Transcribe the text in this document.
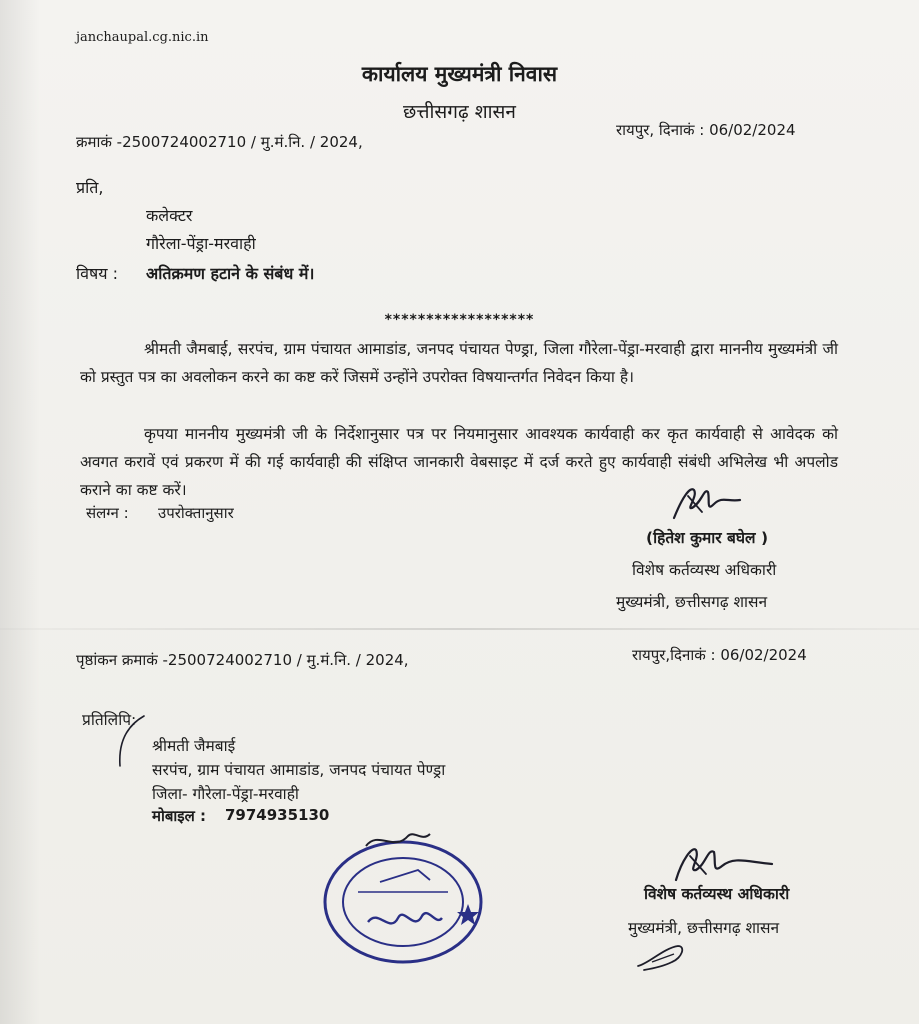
janchaupal.cg.nic.in
कार्यालय मुख्यमंत्री निवास
छत्तीसगढ़ शासन
क्रमाकं -2500724002710 / मु.मं.नि. / 2024,
रायपुर, दिनाकं : 06/02/2024
प्रति,
कलेक्टर
गौरेला-पेंड्रा-मरवाही
विषय : अतिक्रमण हटाने के संबंध में।
******************
श्रीमती जैमबाई, सरपंच, ग्राम पंचायत आमाडांड, जनपद पंचायत पेण्ड्रा, जिला गौरेला-पेंड्रा-मरवाही द्वारा माननीय मुख्यमंत्री जी को प्रस्तुत पत्र का अवलोकन करने का कष्ट करें जिसमें उन्होंने उपरोक्त विषयान्तर्गत निवेदन किया है।
कृपया माननीय मुख्यमंत्री जी के निर्देशानुसार पत्र पर नियमानुसार आवश्यक कार्यवाही कर कृत कार्यवाही से आवेदक को अवगत करावें एवं प्रकरण में की गई कार्यवाही की संक्षिप्त जानकारी वेबसाइट में दर्ज करते हुए कार्यवाही संबंधी अभिलेख भी अपलोड कराने का कष्ट करें।
संलग्न : उपरोक्तानुसार
(हितेश कुमार बघेल )
विशेष कर्तव्यस्थ अधिकारी
मुख्यमंत्री, छत्तीसगढ़ शासन
पृष्ठांकन क्रमाकं -2500724002710 / मु.मं.नि. / 2024,	रायपुर,दिनाकं : 06/02/2024
प्रतिलिपि:
श्रीमती जैमबाई
सरपंच, ग्राम पंचायत आमाडांड, जनपद पंचायत पेण्ड्रा
जिला- गौरेला-पेंड्रा-मरवाही
मोबाइल : 7974935130
विशेष कर्तव्यस्थ अधिकारी
मुख्यमंत्री, छत्तीसगढ़ शासन
